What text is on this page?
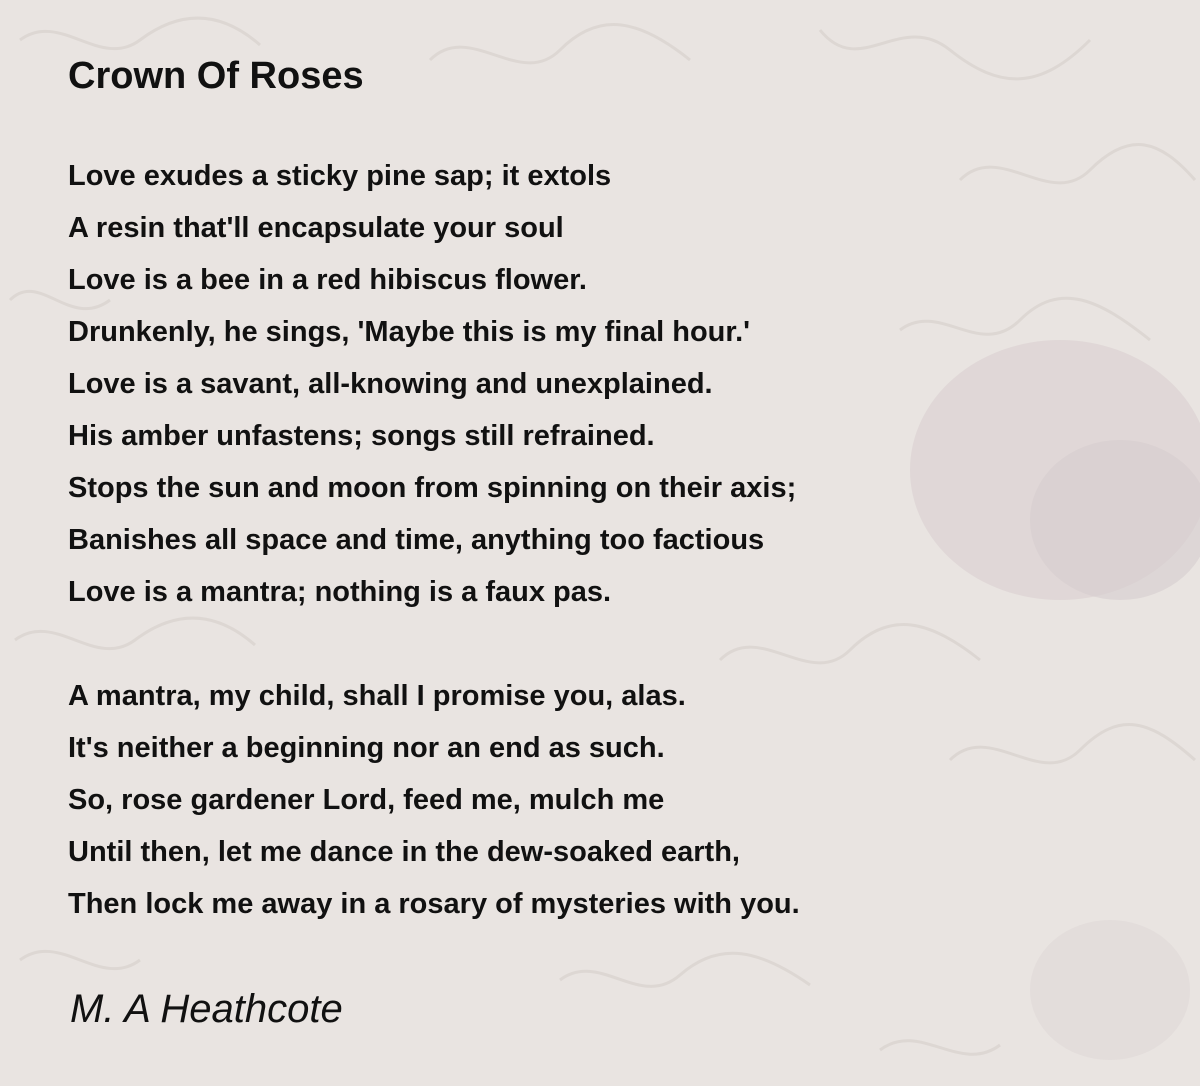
Crown Of Roses
Love exudes a sticky pine sap; it extols
A resin that'll encapsulate your soul
Love is a bee in a red hibiscus flower.
Drunkenly, he sings, 'Maybe this is my final hour.'
Love is a savant, all-knowing and unexplained.
His amber unfastens; songs still refrained.
Stops the sun and moon from spinning on their axis;
Banishes all space and time, anything too factious
Love is a mantra; nothing is a faux pas.
A mantra, my child, shall I promise you, alas.
It's neither a beginning nor an end as such.
So, rose gardener Lord, feed me, mulch me
Until then, let me dance in the dew-soaked earth,
Then lock me away in a rosary of mysteries with you.
M. A Heathcote
